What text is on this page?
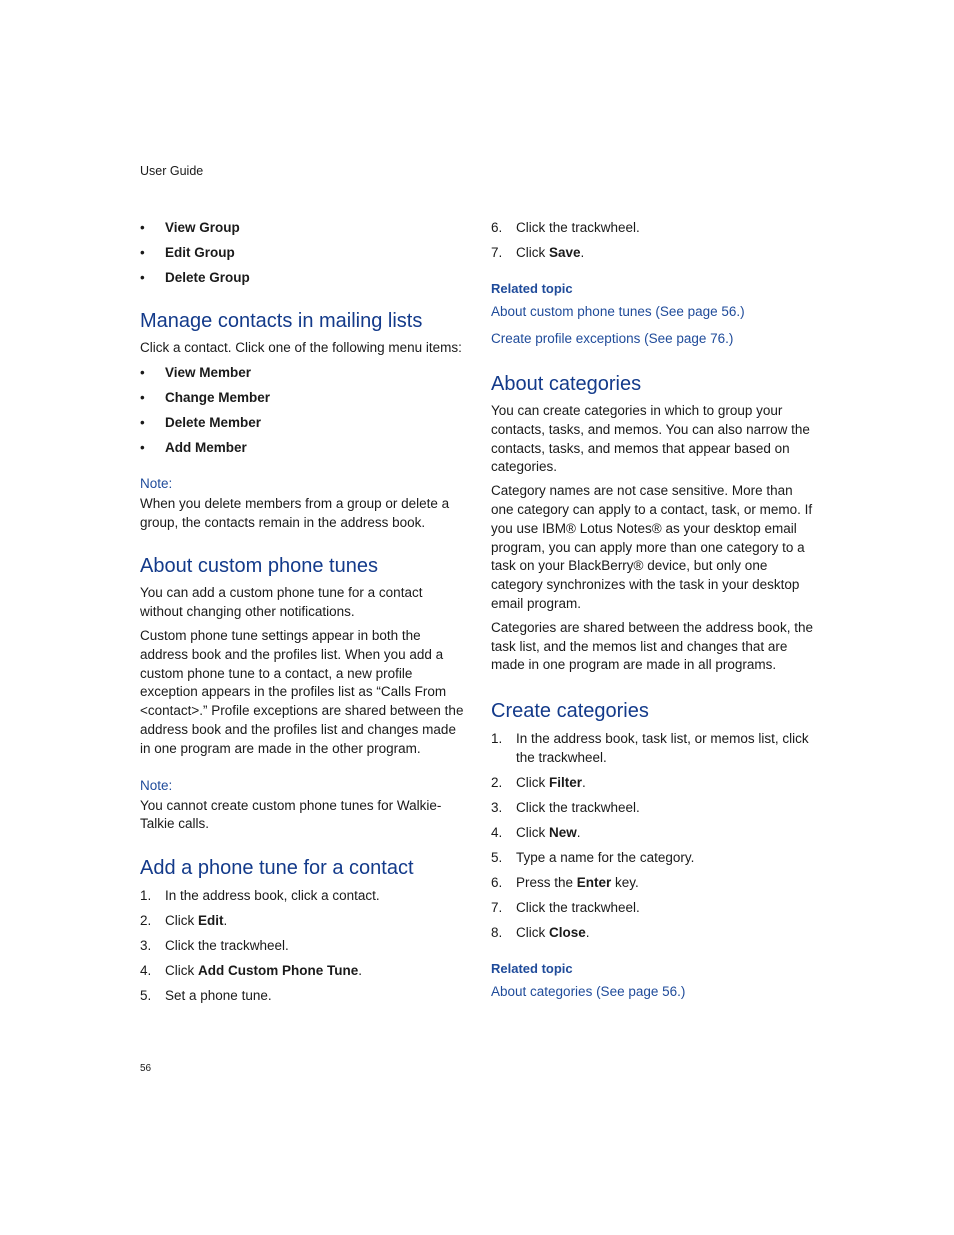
User Guide
• View Group
• Edit Group
• Delete Group
Manage contacts in mailing lists

Click a contact. Click one of the following menu items:

• View Member
• Change Member
• Delete Member
• Add Member
Note:

When you delete members from a group or delete a group, the contacts remain in the address book.

About custom phone tunes

You can add a custom phone tune for a contact without changing other notifications.

Custom phone tune settings appear in both the address book and the profiles list. When you add a custom phone tune to a contact, a new profile exception appears in the profiles list as “Calls From <contact>.” Profile exceptions are shared between the address book and the profiles list and changes made in one program are made in the other program.

Note:

You cannot create custom phone tunes for Walkie-Talkie calls.

Add a phone tune for a contact
1. In the address book, click a contact.
2. Click Edit.
3. Click the trackwheel.
4. Click Add Custom Phone Tune.
5. Set a phone tune.
6. Click the trackwheel.
7. Click Save.
Related topic
About custom phone tunes (See page 56.)
Create profile exceptions (See page 76.)
About categories

You can create categories in which to group your contacts, tasks, and memos. You can also narrow the contacts, tasks, and memos that appear based on categories.

Category names are not case sensitive. More than one category can apply to a contact, task, or memo. If you use IBM® Lotus Notes® as your desktop email program, you can apply more than one category to a task on your BlackBerry® device, but only one category synchronizes with the task in your desktop email program.

Categories are shared between the address book, the task list, and the memos list and changes that are made in one program are made in all programs.

Create categories
1. In the address book, task list, or memos list, click the trackwheel.
2. Click Filter.
3. Click the trackwheel.
4. Click New.
5. Type a name for the category.
6. Press the Enter key.
7. Click the trackwheel.
8. Click Close.
Related topic
About categories (See page 56.)
56
